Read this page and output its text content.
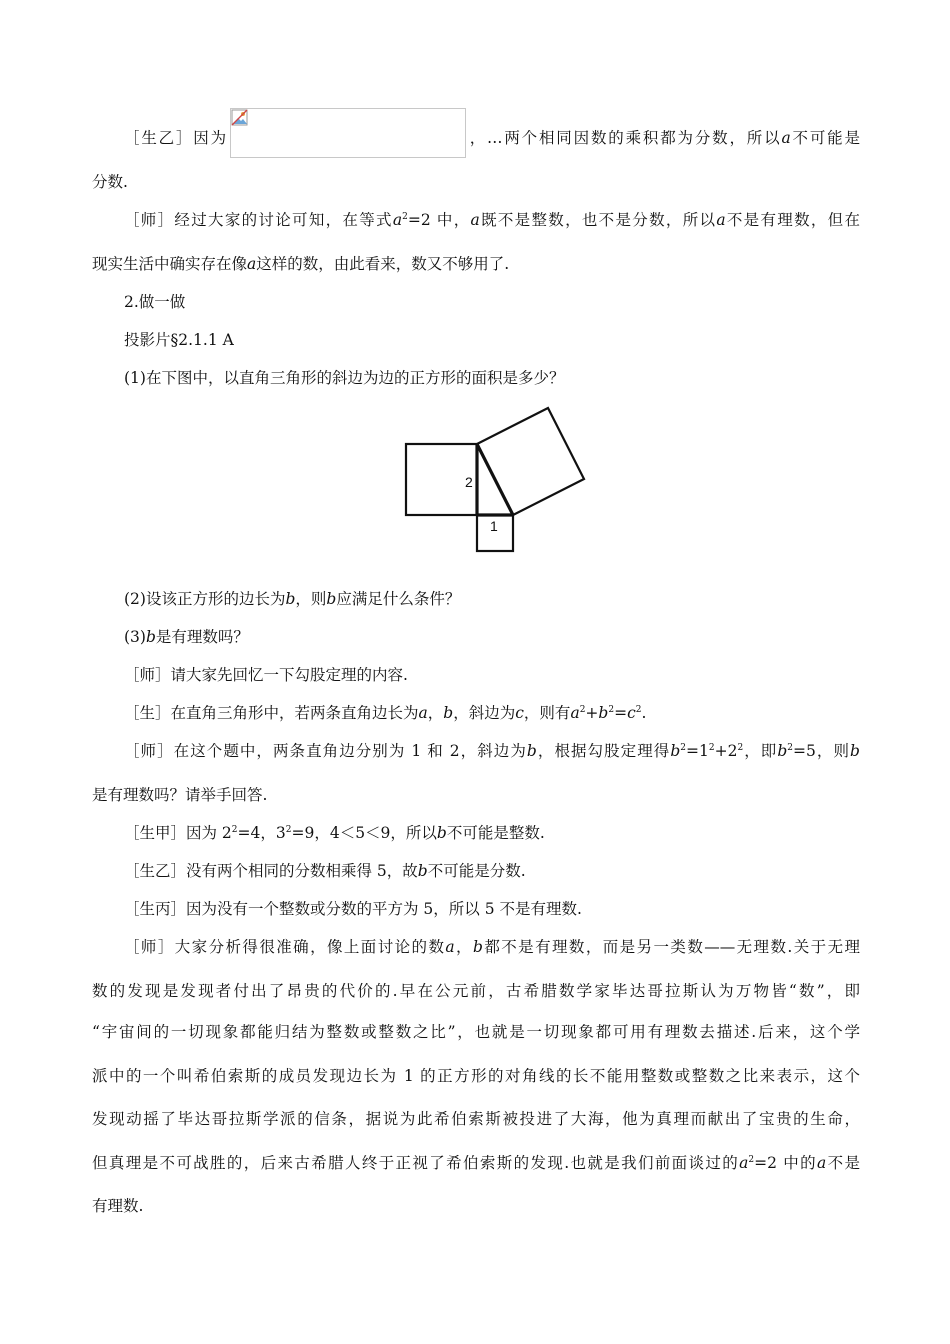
［生乙］因为	，…两个相同因数的乘积都为分数，所以a不可能是
分数.
［师］经过大家的讨论可知，在等式$a^2=2$ 中，a既不是整数，也不是分数，所以a不是有理数，但在
现实生活中确实存在像a这样的数，由此看来，数又不够用了.
2.做一做
投影片§2.1.1 A
(1)在下图中，以直角三角形的斜边为边的正方形的面积是多少？
2
1
(2)设该正方形的边长为b，则b应满足什么条件？
(3)b是有理数吗？
［师］请大家先回忆一下勾股定理的内容.
［生］在直角三角形中，若两条直角边长为a，b，斜边为c，则有$a^2+b^2=c^2$.
［师］在这个题中，两条直角边分别为 1 和 2，斜边为b，根据勾股定理得$b^2=1^2+2^2$，即$b^2=5$，则b
是有理数吗？请举手回答.
［生甲］因为 $2^2=4$，$3^2=9$，4＜5＜9，所以b不可能是整数.
［生乙］没有两个相同的分数相乘得 5，故b不可能是分数.
［生丙］因为没有一个整数或分数的平方为 5，所以 5 不是有理数.
［师］大家分析得很准确，像上面讨论的数a，b都不是有理数，而是另一类数——无理数.关于无理
数的发现是发现者付出了昂贵的代价的.早在公元前，古希腊数学家毕达哥拉斯认为万物皆“数”，即
“宇宙间的一切现象都能归结为整数或整数之比”，也就是一切现象都可用有理数去描述.后来，这个学
派中的一个叫希伯索斯的成员发现边长为 1 的正方形的对角线的长不能用整数或整数之比来表示，这个
发现动摇了毕达哥拉斯学派的信条，据说为此希伯索斯被投进了大海，他为真理而献出了宝贵的生命，
但真理是不可战胜的，后来古希腊人终于正视了希伯索斯的发现.也就是我们前面谈过的$a^2=2$ 中的a不是
有理数.
